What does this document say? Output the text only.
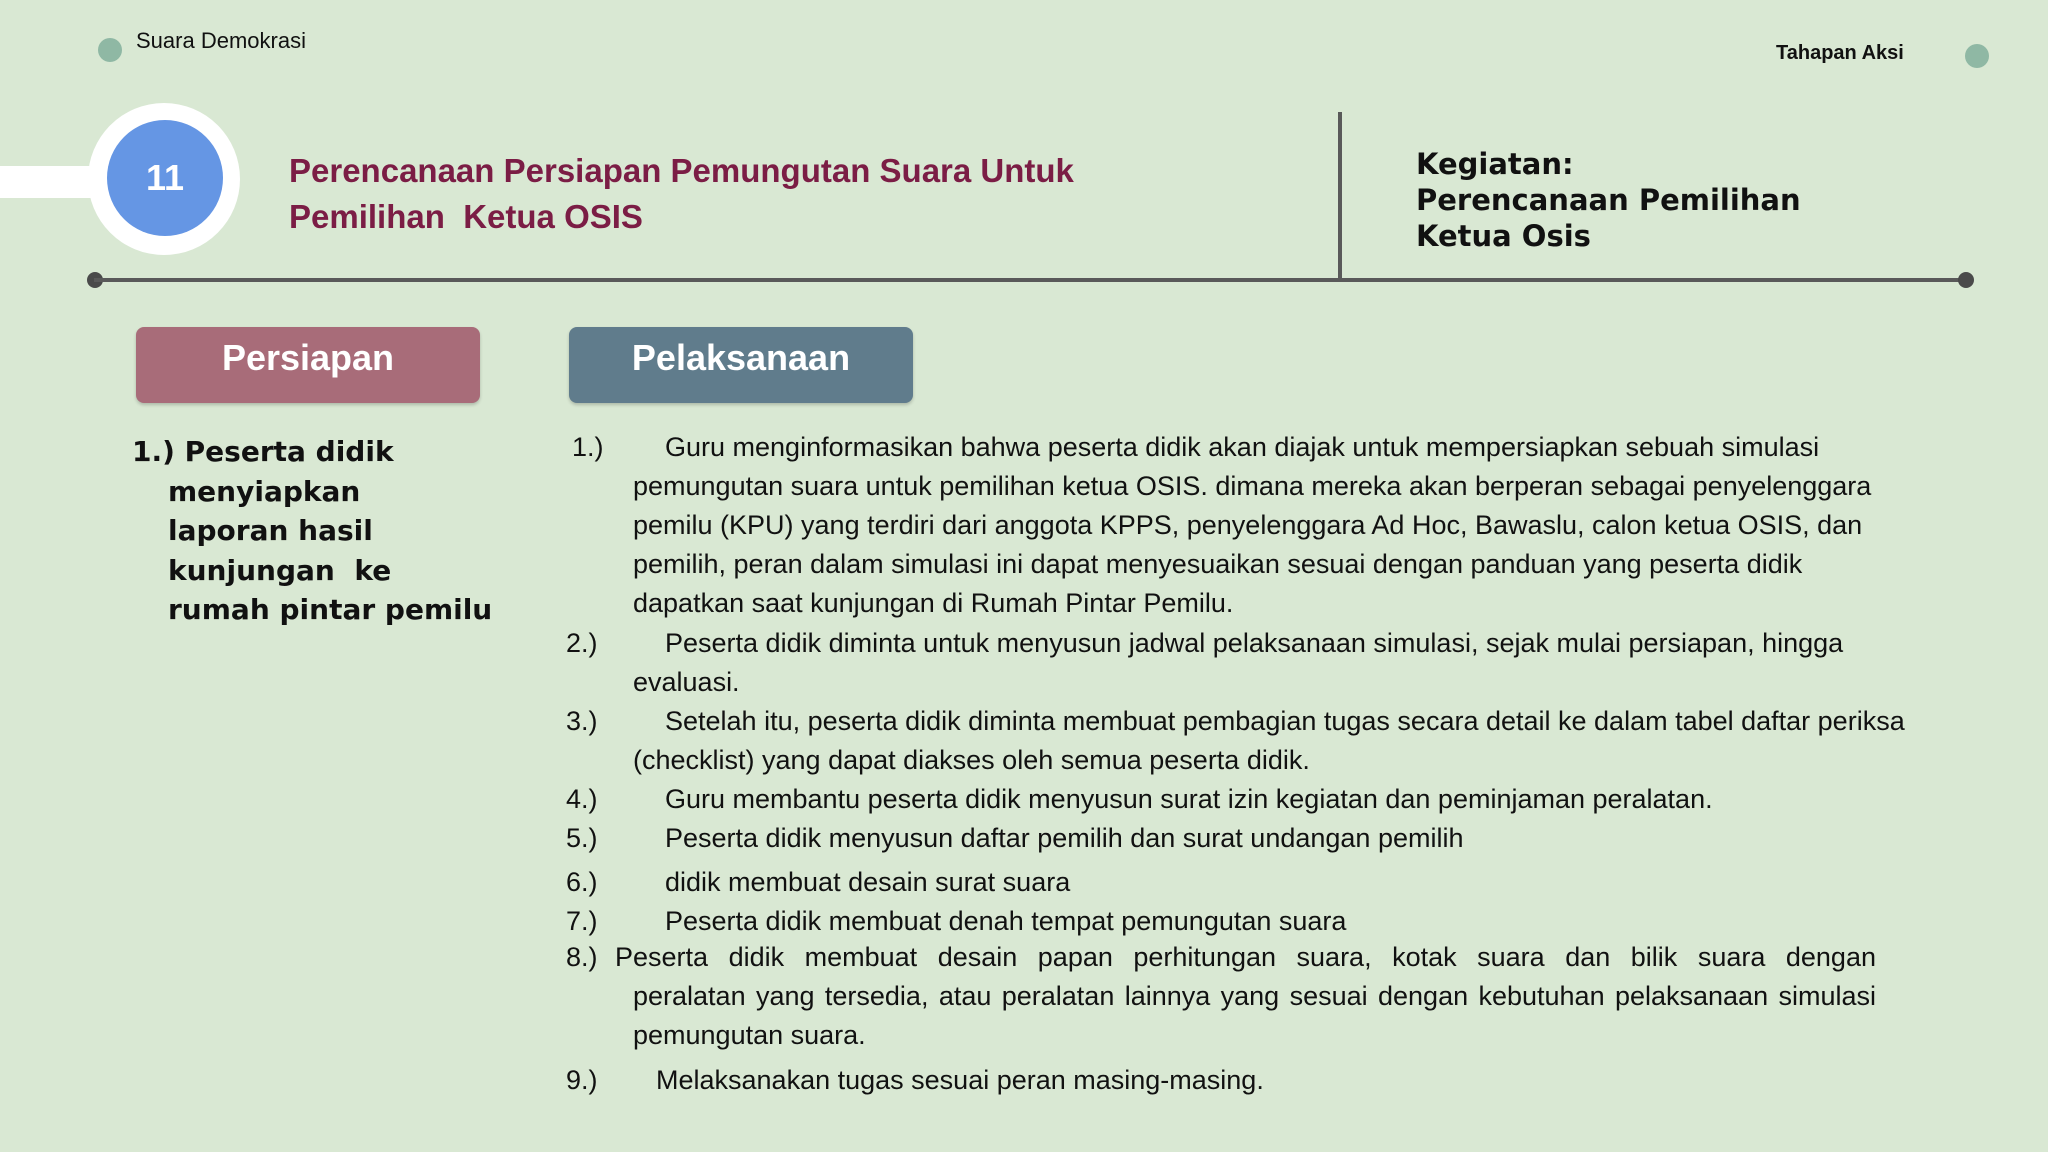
Suara Demokrasi	Tahapan Aksi
11	Perencanaan Persiapan Pemungutan Suara Untuk
Pemilihan  Ketua OSIS
Kegiatan:
Perencanaan Pemilihan
Ketua Osis
Persiapan	Pelaksanaan
1.) Peserta didik
menyiapkan
laporan hasil
kunjungan  ke
rumah pintar pemilu
1.)	Guru menginformasikan bahwa peserta didik akan diajak untuk mempersiapkan sebuah simulasi
pemungutan suara untuk pemilihan ketua OSIS. dimana mereka akan berperan sebagai penyelenggara
pemilu (KPU) yang terdiri dari anggota KPPS, penyelenggara Ad Hoc, Bawaslu, calon ketua OSIS, dan
pemilih, peran dalam simulasi ini dapat menyesuaikan sesuai dengan panduan yang peserta didik
dapatkan saat kunjungan di Rumah Pintar Pemilu.
2.)	Peserta didik diminta untuk menyusun jadwal pelaksanaan simulasi, sejak mulai persiapan, hingga
evaluasi.
3.)	Setelah itu, peserta didik diminta membuat pembagian tugas secara detail ke dalam tabel daftar periksa
(checklist) yang dapat diakses oleh semua peserta didik.
4.)	Guru membantu peserta didik menyusun surat izin kegiatan dan peminjaman peralatan.
5.)	Peserta didik menyusun daftar pemilih dan surat undangan pemilih
6.)	didik membuat desain surat suara
7.)	Peserta didik membuat denah tempat pemungutan suara
8.) Peserta didik membuat desain papan perhitungan suara, kotak suara dan bilik suara dengan
peralatan yang tersedia, atau peralatan lainnya yang sesuai dengan kebutuhan pelaksanaan simulasi
pemungutan suara.
9.)	Melaksanakan tugas sesuai peran masing-masing.
